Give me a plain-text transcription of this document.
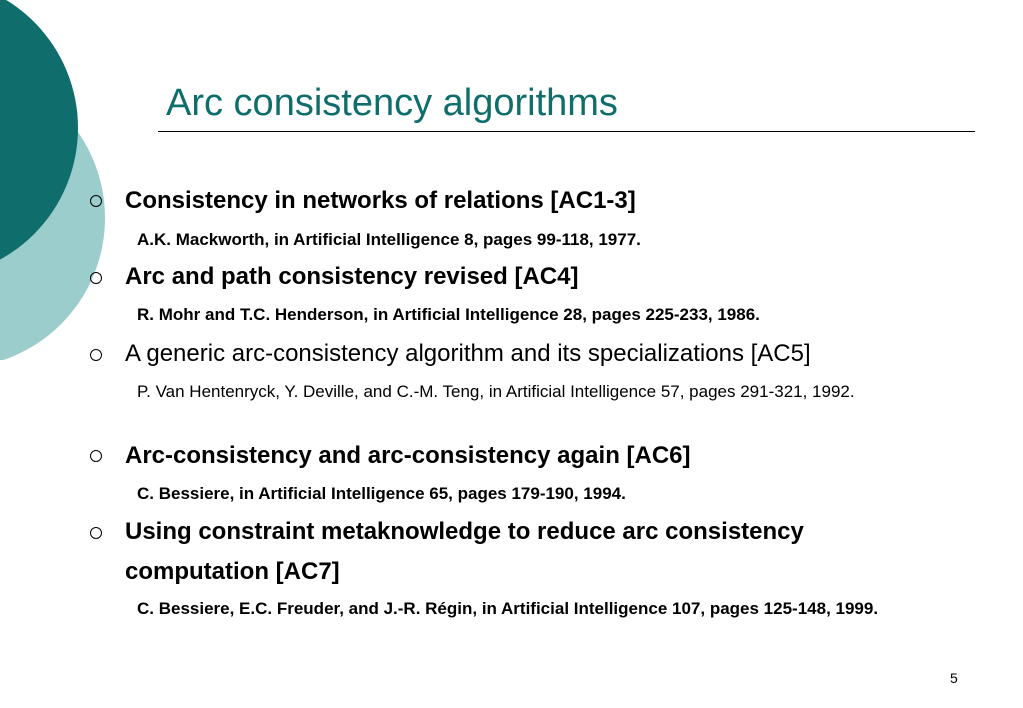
Arc consistency algorithms
Consistency in networks of relations [AC1-3]
A.K. Mackworth, in Artificial Intelligence 8, pages 99-118, 1977.
Arc and path consistency revised [AC4]
R. Mohr and T.C. Henderson, in Artificial Intelligence 28, pages 225-233, 1986.
A generic arc-consistency algorithm and its specializations [AC5]
P. Van Hentenryck, Y. Deville, and C.-M. Teng, in Artificial Intelligence 57, pages 291-321, 1992.
Arc-consistency and arc-consistency again [AC6]
C. Bessiere, in Artificial Intelligence 65, pages 179-190, 1994.
Using constraint metaknowledge to reduce arc consistency computation [AC7]
C. Bessiere, E.C. Freuder, and J.-R. Régin, in Artificial Intelligence 107, pages 125-148, 1999.
5
